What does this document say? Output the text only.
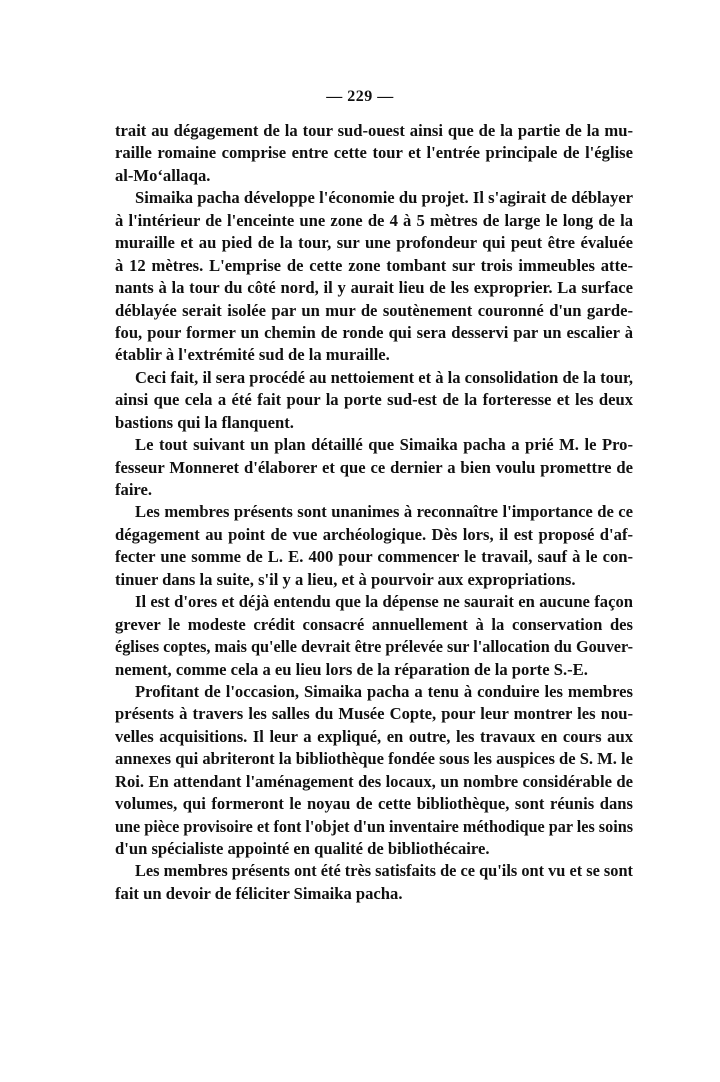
— 229 —
trait au dégagement de la tour sud-ouest ainsi que de la partie de la mu-
raille romaine comprise entre cette tour et l'entrée principale de l'église
al-Mo‘allaqa.
Simaika pacha développe l'économie du projet. Il s'agirait de déblayer
à l'intérieur de l'enceinte une zone de 4 à 5 mètres de large le long de la
muraille et au pied de la tour, sur une profondeur qui peut être évaluée
à 12 mètres. L'emprise de cette zone tombant sur trois immeubles atte-
nants à la tour du côté nord, il y aurait lieu de les exproprier. La surface
déblayée serait isolée par un mur de soutènement couronné d'un garde-
fou, pour former un chemin de ronde qui sera desservi par un escalier à
établir à l'extrémité sud de la muraille.
Ceci fait, il sera procédé au nettoiement et à la consolidation de la tour,
ainsi que cela a été fait pour la porte sud-est de la forteresse et les deux
bastions qui la flanquent.
Le tout suivant un plan détaillé que Simaika pacha a prié M. le Pro-
fesseur Monneret d'élaborer et que ce dernier a bien voulu promettre de
faire.
Les membres présents sont unanimes à reconnaître l'importance de ce
dégagement au point de vue archéologique. Dès lors, il est proposé d'af-
fecter une somme de L. E. 400 pour commencer le travail, sauf à le con-
tinuer dans la suite, s'il y a lieu, et à pourvoir aux expropriations.
Il est d'ores et déjà entendu que la dépense ne saurait en aucune façon
grever le modeste crédit consacré annuellement à la conservation des
églises coptes, mais qu'elle devrait être prélevée sur l'allocation du Gouver-
nement, comme cela a eu lieu lors de la réparation de la porte S.-E.
Profitant de l'occasion, Simaika pacha a tenu à conduire les membres
présents à travers les salles du Musée Copte, pour leur montrer les nou-
velles acquisitions. Il leur a expliqué, en outre, les travaux en cours aux
annexes qui abriteront la bibliothèque fondée sous les auspices de S. M. le
Roi. En attendant l'aménagement des locaux, un nombre considérable de
volumes, qui formeront le noyau de cette bibliothèque, sont réunis dans
une pièce provisoire et font l'objet d'un inventaire méthodique par les soins
d'un spécialiste appointé en qualité de bibliothécaire.
Les membres présents ont été très satisfaits de ce qu'ils ont vu et se sont
fait un devoir de féliciter Simaika pacha.
